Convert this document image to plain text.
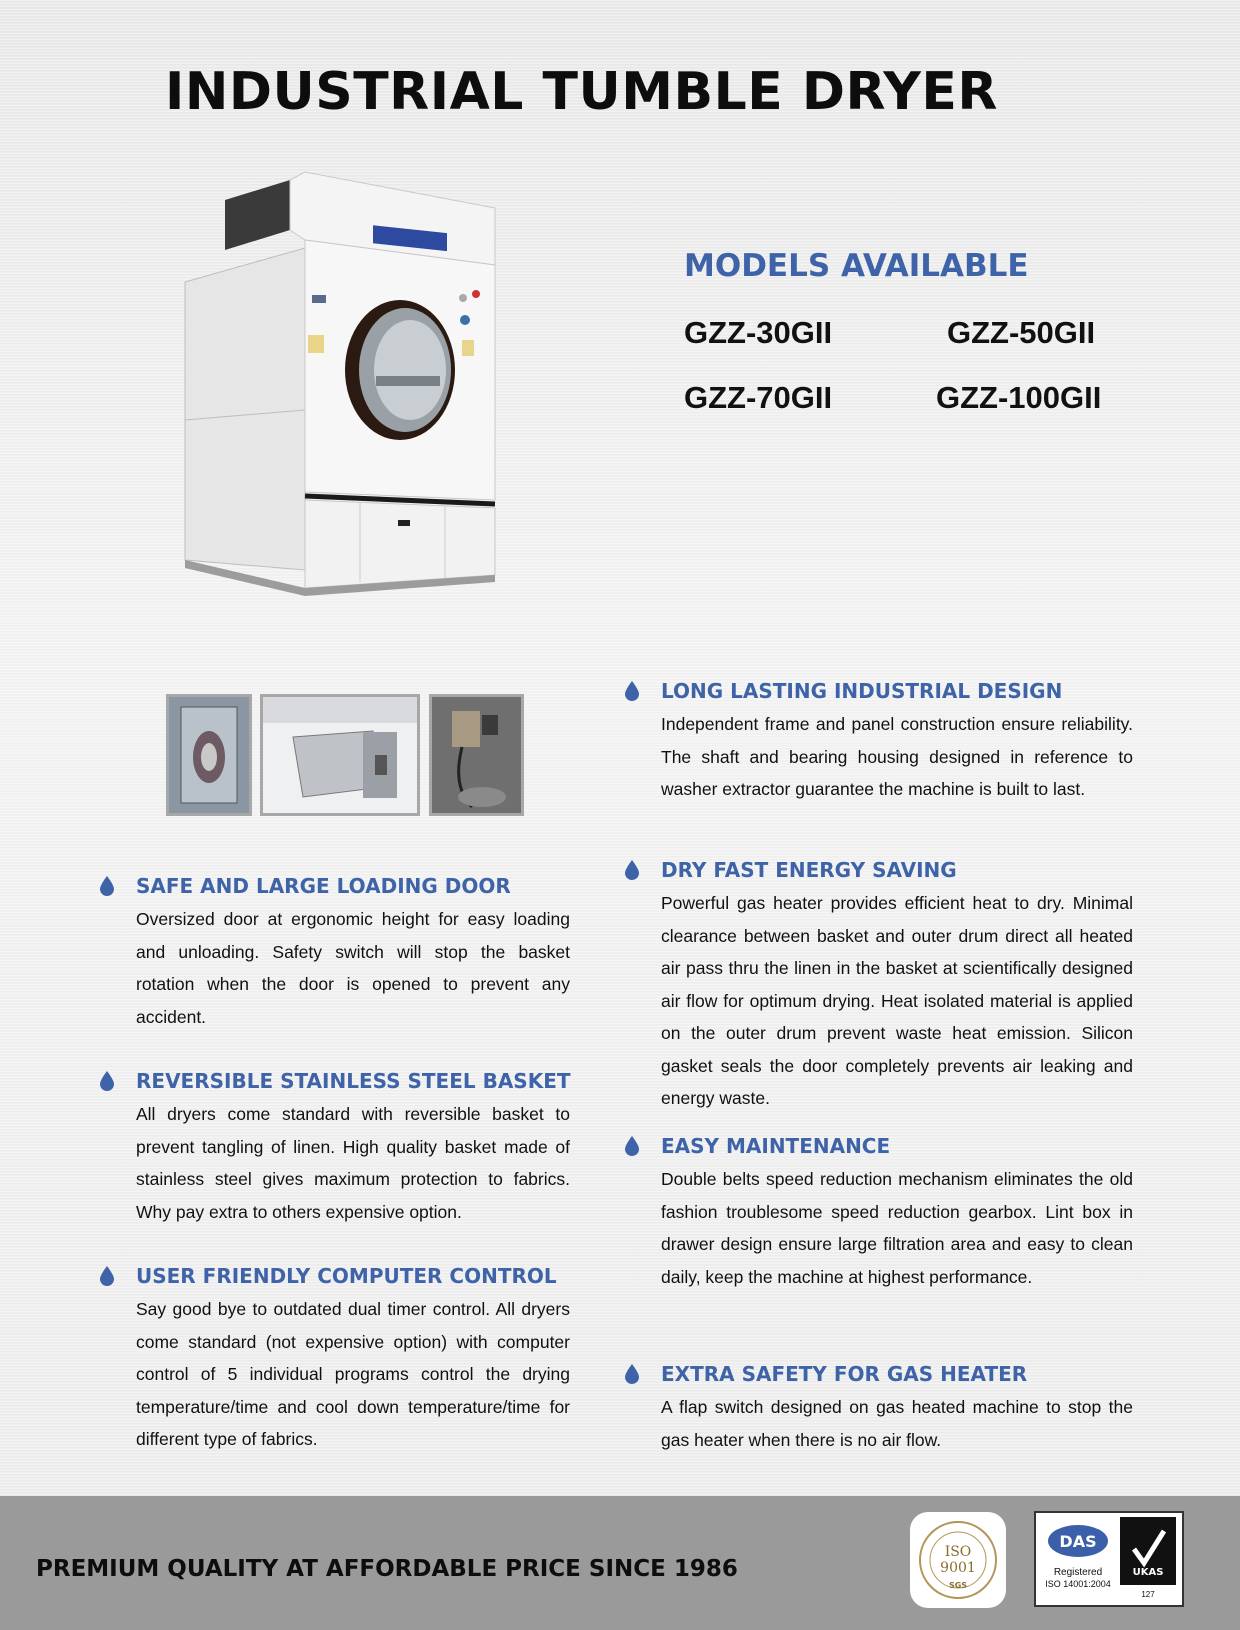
INDUSTRIAL TUMBLE DRYER
MODELS AVAILABLE
GZZ-30GII	GZZ-50GII
GZZ-70GII	GZZ-100GII
SAFE AND LARGE LOADING DOOR

Oversized door at ergonomic height for easy loading and unloading. Safety switch will stop the basket rotation when the door is opened to prevent any accident.

REVERSIBLE STAINLESS STEEL BASKET

All dryers come standard with reversible basket to prevent tangling of linen. High quality basket made of stainless steel gives maximum protection to fabrics. Why pay extra to others expensive option.

USER FRIENDLY COMPUTER CONTROL

Say good bye to outdated dual timer control. All dryers come standard (not expensive option) with computer control of 5 individual programs control the drying temperature/time and cool down temperature/time for different type of fabrics.

LONG LASTING INDUSTRIAL DESIGN

Independent frame and panel construction ensure reliability. The shaft and bearing housing designed in reference to washer extractor guarantee the machine is built to last.

DRY FAST ENERGY SAVING

Powerful gas heater provides efficient heat to dry. Minimal clearance between basket and outer drum direct all heated air pass thru the linen in the basket at scientifically designed air flow for optimum drying. Heat isolated material is applied on the outer drum prevent waste heat emission. Silicon gasket seals the door completely prevents air leaking and energy waste.

EASY MAINTENANCE

Double belts speed reduction mechanism eliminates the old fashion troublesome speed reduction gearbox. Lint box in drawer design ensure large filtration area and easy to clean daily, keep the machine at highest performance.

EXTRA SAFETY FOR GAS HEATER

A flap switch designed on gas heated machine to stop the gas heater when there is no air flow.

PREMIUM QUALITY AT AFFORDABLE PRICE SINCE 1986
ISO
9001
SGS
DAS
Registered
ISO 14001:2004
UKAS
127
